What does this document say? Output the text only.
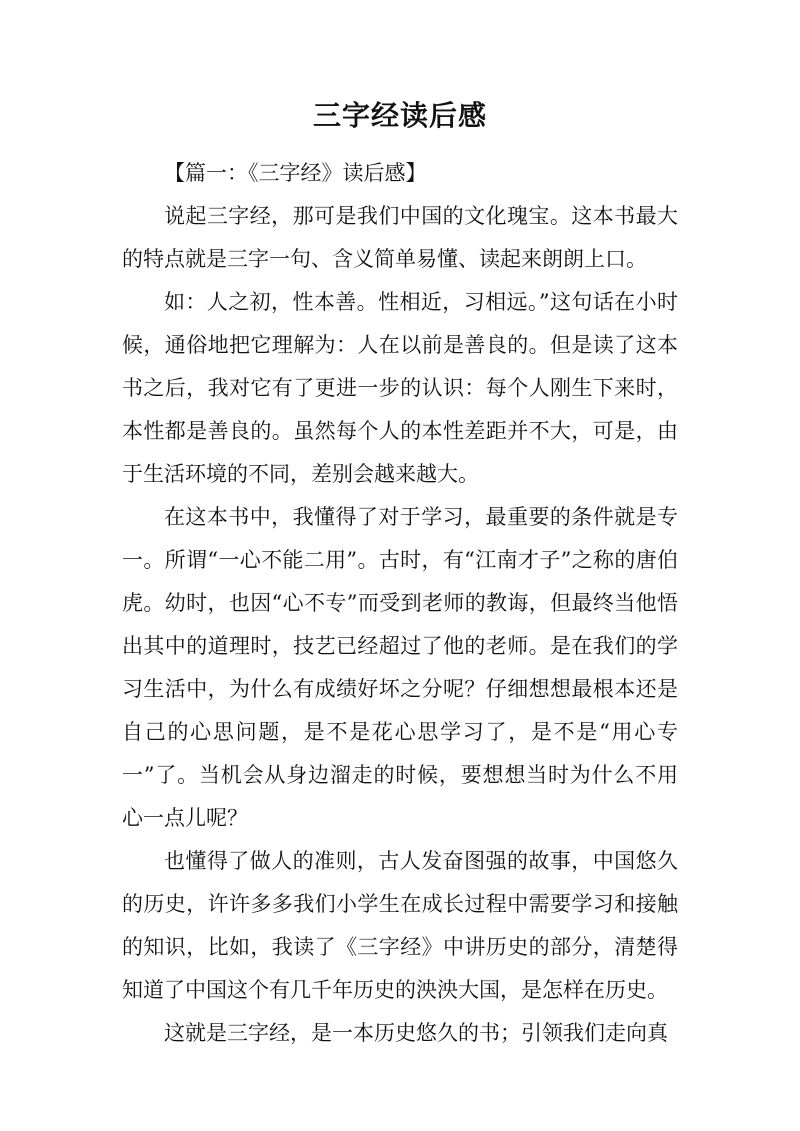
三字经读后感

【篇一：《三字经》读后感】

说起三字经，那可是我们中国的文化瑰宝。这本书最大的特点就是三字一句、含义简单易懂、读起来朗朗上口。

如：人之初，性本善。性相近，习相远。”这句话在小时候，通俗地把它理解为：人在以前是善良的。但是读了这本书之后，我对它有了更进一步的认识：每个人刚生下来时，本性都是善良的。虽然每个人的本性差距并不大，可是，由于生活环境的不同，差别会越来越大。

在这本书中，我懂得了对于学习，最重要的条件就是专一。所谓“一心不能二用”。古时，有“江南才子”之称的唐伯虎。幼时，也因“心不专”而受到老师的教诲，但最终当他悟出其中的道理时，技艺已经超过了他的老师。是在我们的学习生活中，为什么有成绩好坏之分呢？仔细想想最根本还是自己的心思问题，是不是花心思学习了，是不是“用心专一”了。当机会从身边溜走的时候，要想想当时为什么不用心一点儿呢？

也懂得了做人的准则，古人发奋图强的故事，中国悠久的历史，许许多多我们小学生在成长过程中需要学习和接触的知识，比如，我读了《三字经》中讲历史的部分，清楚得知道了中国这个有几千年历史的泱泱大国，是怎样在历史。

这就是三字经，是一本历史悠久的书；引领我们走向真
